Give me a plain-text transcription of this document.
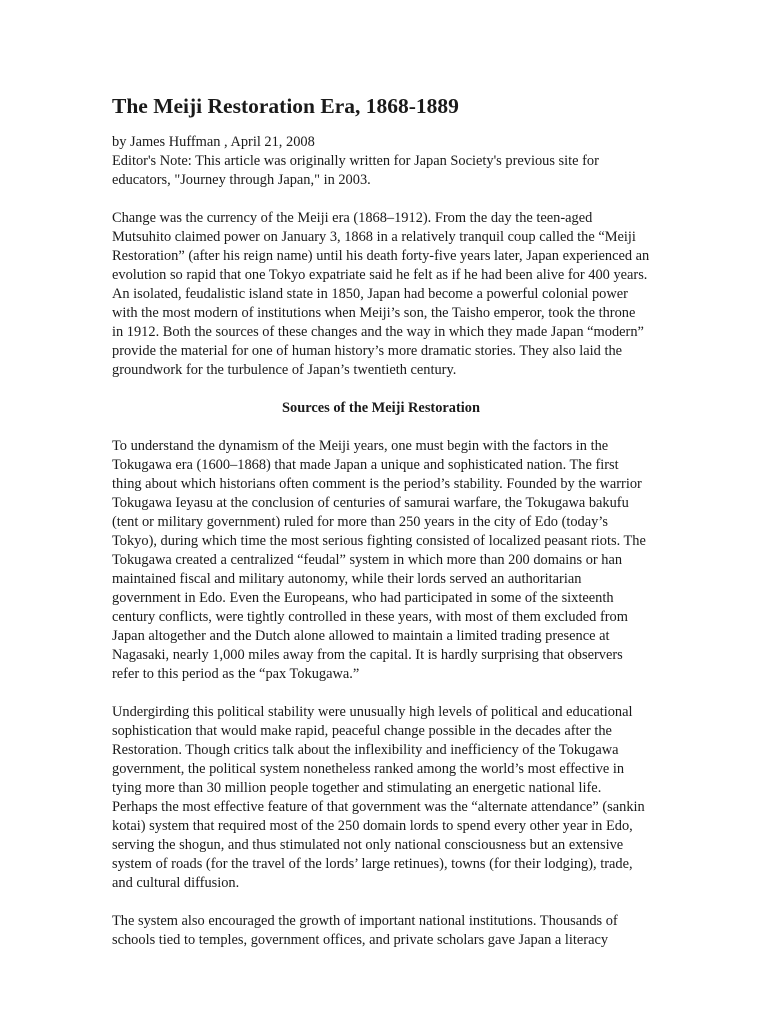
The Meiji Restoration Era, 1868-1889

by James Huffman , April 21, 2008

Editor's Note: This article was originally written for Japan Society's previous site for educators, "Journey through Japan," in 2003.

Change was the currency of the Meiji era (1868–1912). From the day the teen-aged Mutsuhito claimed power on January 3, 1868 in a relatively tranquil coup called the “Meiji Restoration” (after his reign name) until his death forty-five years later, Japan experienced an evolution so rapid that one Tokyo expatriate said he felt as if he had been alive for 400 years. An isolated, feudalistic island state in 1850, Japan had become a powerful colonial power with the most modern of institutions when Meiji’s son, the Taisho emperor, took the throne in 1912. Both the sources of these changes and the way in which they made Japan “modern” provide the material for one of human history’s more dramatic stories. They also laid the groundwork for the turbulence of Japan’s twentieth century.

Sources of the Meiji Restoration

To understand the dynamism of the Meiji years, one must begin with the factors in the Tokugawa era (1600–1868) that made Japan a unique and sophisticated nation. The first thing about which historians often comment is the period’s stability. Founded by the warrior Tokugawa Ieyasu at the conclusion of centuries of samurai warfare, the Tokugawa bakufu (tent or military government) ruled for more than 250 years in the city of Edo (today’s Tokyo), during which time the most serious fighting consisted of localized peasant riots. The Tokugawa created a centralized “feudal” system in which more than 200 domains or han maintained fiscal and military autonomy, while their lords served an authoritarian government in Edo. Even the Europeans, who had participated in some of the sixteenth century conflicts, were tightly controlled in these years, with most of them excluded from Japan altogether and the Dutch alone allowed to maintain a limited trading presence at Nagasaki, nearly 1,000 miles away from the capital. It is hardly surprising that observers refer to this period as the “pax Tokugawa.”

Undergirding this political stability were unusually high levels of political and educational sophistication that would make rapid, peaceful change possible in the decades after the Restoration. Though critics talk about the inflexibility and inefficiency of the Tokugawa government, the political system nonetheless ranked among the world’s most effective in tying more than 30 million people together and stimulating an energetic national life. Perhaps the most effective feature of that government was the “alternate attendance” (sankin kotai) system that required most of the 250 domain lords to spend every other year in Edo, serving the shogun, and thus stimulated not only national consciousness but an extensive system of roads (for the travel of the lords’ large retinues), towns (for their lodging), trade, and cultural diffusion.

The system also encouraged the growth of important national institutions. Thousands of schools tied to temples, government offices, and private scholars gave Japan a literacy
